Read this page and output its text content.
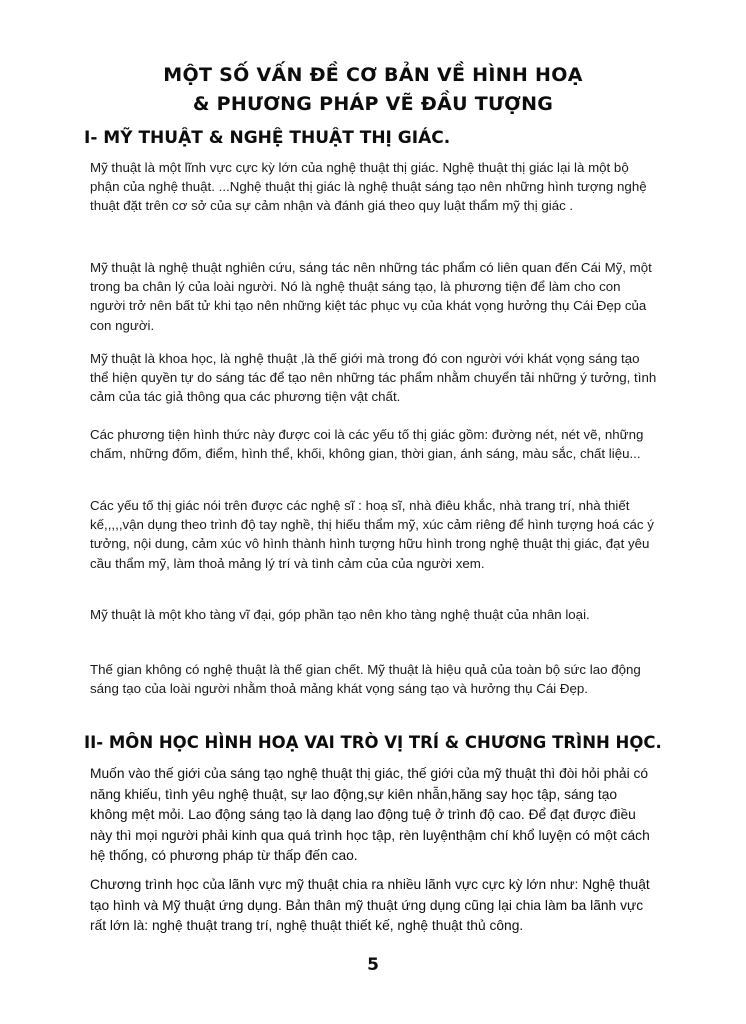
MỘT SỐ VẤN ĐỀ CƠ BẢN VỀ HÌNH HOẠ
& PHƯƠNG PHÁP VẼ ĐẦU TƯỢNG
I- MỸ THUẬT & NGHỆ THUẬT THỊ GIÁC.

Mỹ thuật là một lĩnh vực cực kỳ lớn của nghệ thuật thị giác. Nghệ thuật thị giác lại là một bộ phận của nghệ thuật. ...Nghệ thuật thị giác là nghệ thuật sáng tạo nên những hình tượng nghệ thuật đặt trên cơ sở của sự cảm nhận và đánh giá theo quy luật thẩm mỹ thị giác .

Mỹ thuật là nghệ thuật nghiên cứu, sáng tác nên những tác phẩm có liên quan đến Cái Mỹ, một trong ba chân lý của loài người. Nó là nghệ thuật sáng tạo, là phương tiện để làm cho con người trở nên bất tử khi tạo nên những kiệt tác phục vụ của khát vọng hưởng thụ Cái Đẹp của con người.

Mỹ thuật là khoa học, là nghệ thuật ,là thế giới mà trong đó con người với khát vọng sáng tạo thể hiện quyền tự do sáng tác để tạo nên những tác phẩm nhằm chuyển tải những ý tưởng, tình cảm của tác giả thông qua các phương tiện vật chất.

Các phương tiện hình thức này được coi là các yếu tố thị giác gồm: đường nét, nét vẽ, những chấm, những đốm, điểm, hình thể, khối, không gian, thời gian, ánh sáng, màu sắc, chất liệu...

Các yếu tố thị giác nói trên được các nghệ sĩ : hoạ sĩ, nhà điêu khắc, nhà trang trí, nhà thiết kế,,,,,vận dụng theo trình độ tay nghề, thị hiếu thẩm mỹ, xúc cảm riêng để hình tượng hoá các ý tưởng, nội dung, cảm xúc vô hình thành hình tượng hữu hình trong nghệ thuật thị giác, đạt yêu cầu thẩm mỹ, làm thoả mảng lý trí và tình cảm của của người xem.

Mỹ thuật là một kho tàng vĩ đại, góp phần tạo nên kho tàng nghệ thuật của nhân loại.

Thế gian không có nghệ thuật là thế gian chết. Mỹ thuật là hiệu quả của toàn bộ sức lao động sáng tạo của loài người nhằm thoả mảng khát vọng sáng tạo và hưởng thụ Cái Đẹp.

II- MÔN HỌC HÌNH HOẠ VAI TRÒ VỊ TRÍ & CHƯƠNG TRÌNH HỌC.

Muốn vào thế giới của sáng tạo nghệ thuật thị giác, thế giới của mỹ thuật thì đòi hỏi phải có năng khiếu, tình yêu nghệ thuật, sự lao động,sự kiên nhẫn,hăng say học tập, sáng tạo không mệt mỏi. Lao động sáng tạo là dạng lao động tuệ ở trình độ cao. Để đạt được điều này thì mọi người phải kinh qua quá trình học tập, rèn luyệnthậm chí khổ luyện có một cách hệ thống, có phương pháp từ thấp đến cao.

Chương trình học của lãnh vực mỹ thuật chia ra nhiều lãnh vực cực kỳ lớn như: Nghệ thuật tạo hình và Mỹ thuật ứng dụng. Bản thân mỹ thuật ứng dụng cũng lại chia làm ba lãnh vực rất lớn là: nghệ thuật trang trí, nghệ thuật thiết kế, nghệ thuật thủ công.

5
